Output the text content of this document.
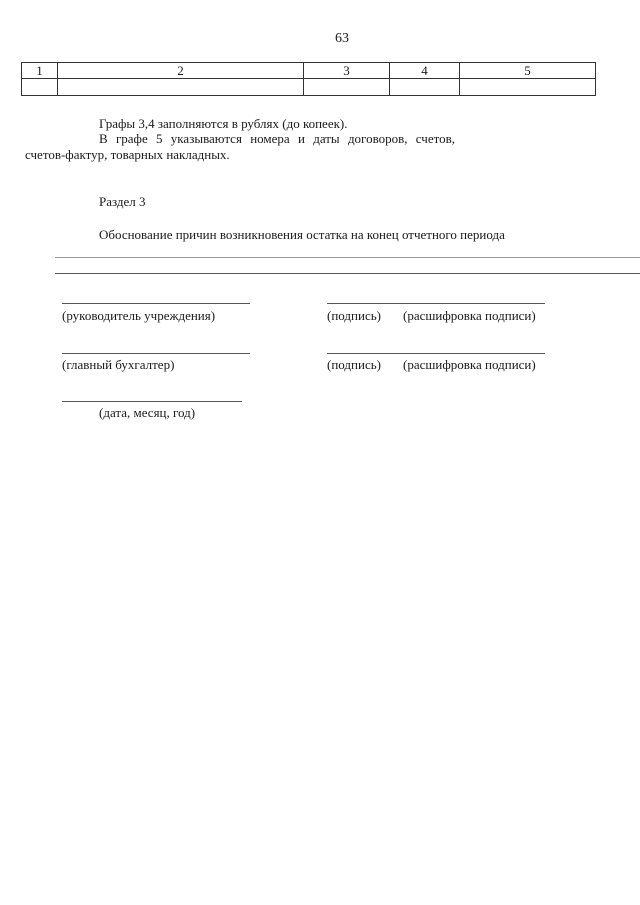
63
1	2	3	4	5

Графы 3,4 заполняются в рублях (до копеек).
В графе 5 указываются номера и даты договоров, счетов,
счетов-фактур, товарных накладных.
Раздел 3
Обоснование причин возникновения остатка на конец отчетного периода
(руководитель учреждения)	(подпись) (расшифровка подписи)
(главный бухгалтер)	(подпись) (расшифровка подписи)
(дата, месяц, год)
